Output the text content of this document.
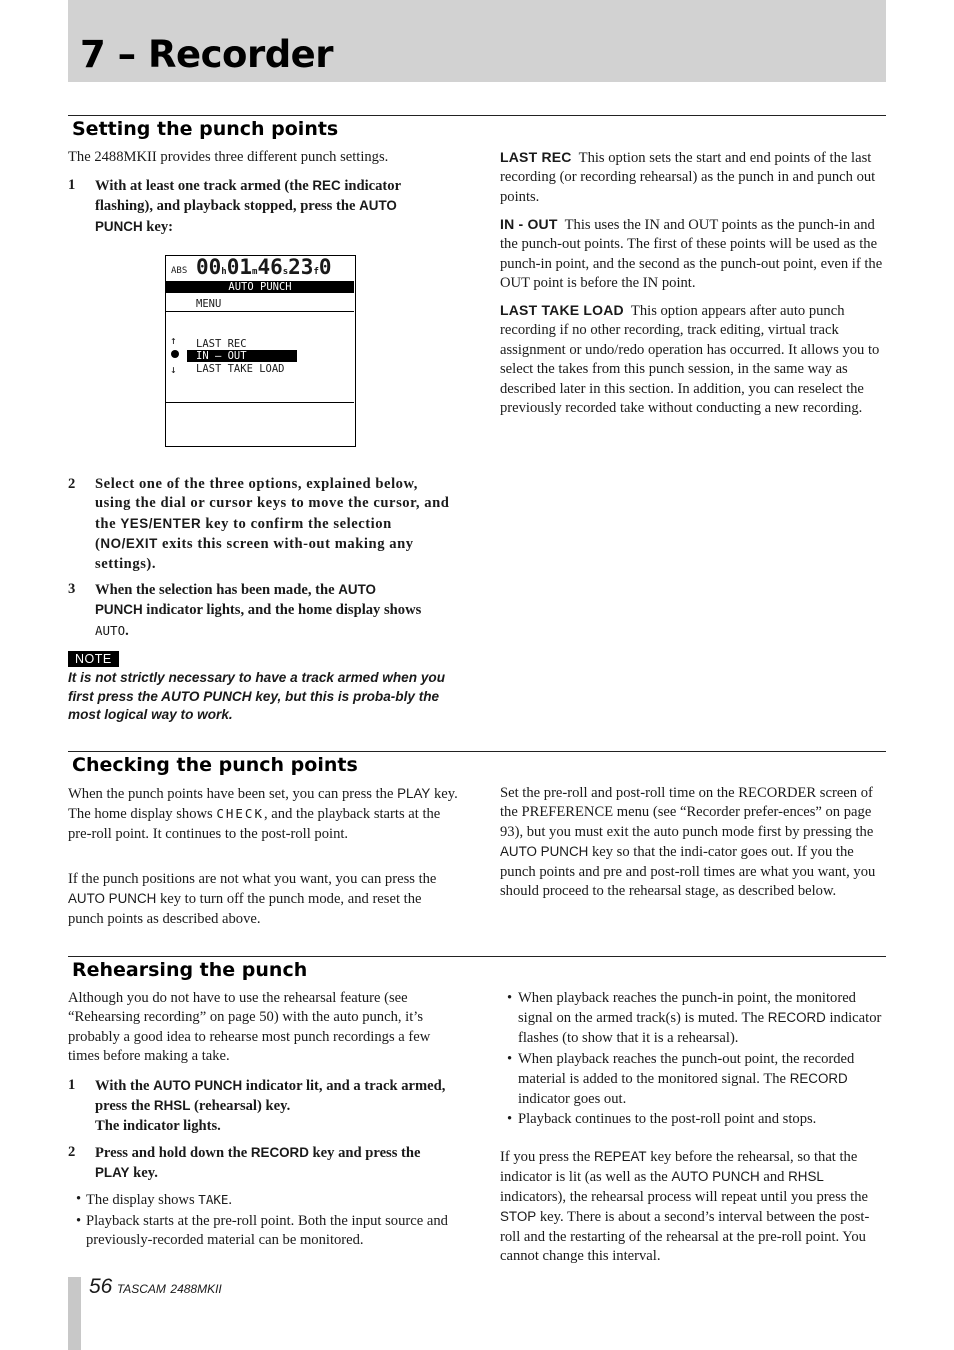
7 – Recorder
Setting the punch points

The 2488MKII provides three different punch settings.

1 With at least one track armed (the REC indicator flashing), and playback stopped, press the AUTO
PUNCH key:
ABS 00h01m46s23f0
AUTO PUNCH
MENU
↑
↓
LAST REC
IN – OUT
LAST TAKE LOAD
2 Select one of the three options, explained below, using the dial or cursor keys to move the cursor, and the YES/ENTER key to confirm the selection (NO/EXIT exits this screen with-out making any settings).
3 When the selection has been made, the AUTO
PUNCH indicator lights, and the home display shows AUTO.
NOTE

It is not strictly necessary to have a track armed when you first press the AUTO PUNCH key, but this is proba-bly the most logical way to work.

LAST REC This option sets the start and end points of the last recording (or recording rehearsal) as the punch in and punch out points.

IN - OUT This uses the IN and OUT points as the punch-in and the punch-out points. The first of these points will be used as the punch-in point, and the second as the punch-out point, even if the OUT point is before the IN point.

LAST TAKE LOAD This option appears after auto punch recording if no other recording, track editing, virtual track assignment or undo/redo operation has occurred. It allows you to select the takes from this punch session, in the same way as described later in this section. In addition, you can reselect the previously recorded take without conducting a new recording.

Checking the punch points

When the punch points have been set, you can press the PLAY key. The home display shows CHECK, and the playback starts at the pre-roll point. It continues to the post-roll point.

If the punch positions are not what you want, you can press the AUTO PUNCH key to turn off the punch mode, and reset the punch points as described above.

Set the pre-roll and post-roll time on the RECORDER screen of the PREFERENCE menu (see “Recorder prefer-ences” on page 93), but you must exit the auto punch mode first by pressing the AUTO PUNCH key so that the indi-cator goes out. If you the punch points and pre and post-roll times are what you want, you should proceed to the rehearsal stage, as described below.

Rehearsing the punch

Although you do not have to use the rehearsal feature (see “Rehearsing recording” on page 50) with the auto punch, it’s probably a good idea to rehearse most punch recordings a few times before making a take.

1 With the AUTO PUNCH indicator lit, and a track armed, press the RHSL (rehearsal) key.
The indicator lights.
2 Press and hold down the RECORD key and press the PLAY key.
• The display shows TAKE.
• Playback starts at the pre-roll point. Both the input source and previously-recorded material can be monitored.
• When playback reaches the punch-in point, the monitored signal on the armed track(s) is muted. The RECORD indicator flashes (to show that it is a rehearsal).
• When playback reaches the punch-out point, the recorded material is added to the monitored signal. The RECORD indicator goes out.
• Playback continues to the post-roll point and stops.

If you press the REPEAT key before the rehearsal, so that the indicator is lit (as well as the AUTO PUNCH and RHSL indicators), the rehearsal process will repeat until you press the STOP key. There is about a second’s interval between the post-roll and the restarting of the rehearsal at the pre-roll point. You cannot change this interval.

56 TASCAM 2488MKII
